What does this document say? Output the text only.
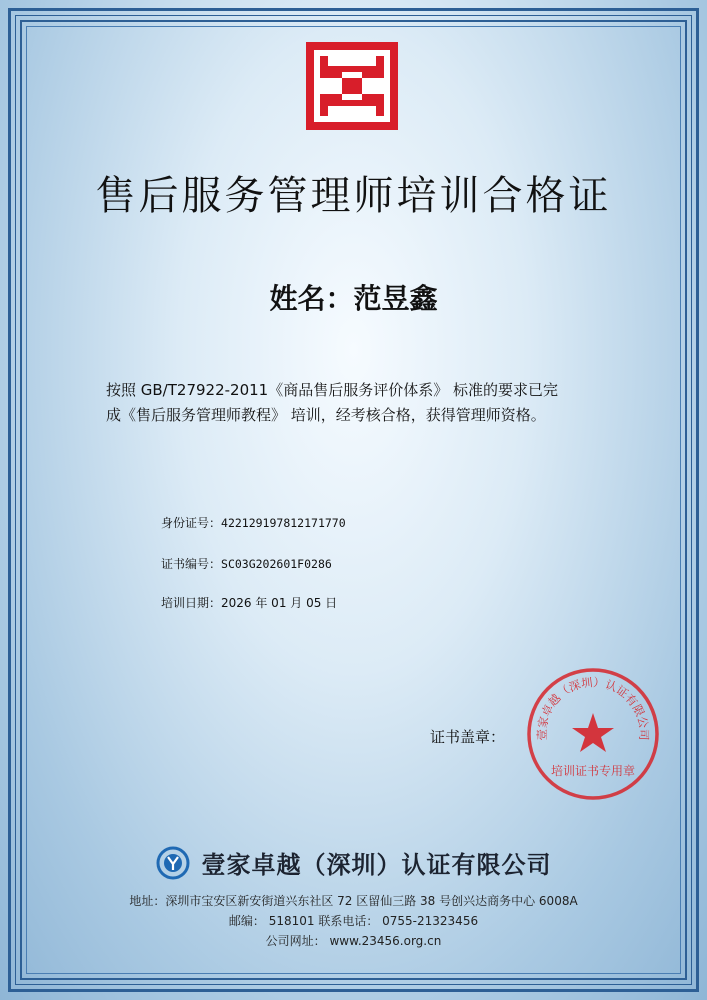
售后服务管理师培训合格证
姓名：范昱鑫
按照 GB/T27922-2011《商品售后服务评价体系》 标准的要求已完
成《售后服务管理师教程》 培训，经考核合格，获得管理师资格。
身份证号：422129197812171770
证书编号：SC03G202601F0286
培训日期：2026 年 01 月 05 日
证书盖章：	壹家卓越（深圳）认证有限公司
培训证书专用章
壹家卓越（深圳）认证有限公司
地址：深圳市宝安区新安街道兴东社区 72 区留仙三路 38 号创兴达商务中心 6008A
邮编： 518101 联系电话： 0755-21323456
公司网址： www.23456.org.cn
